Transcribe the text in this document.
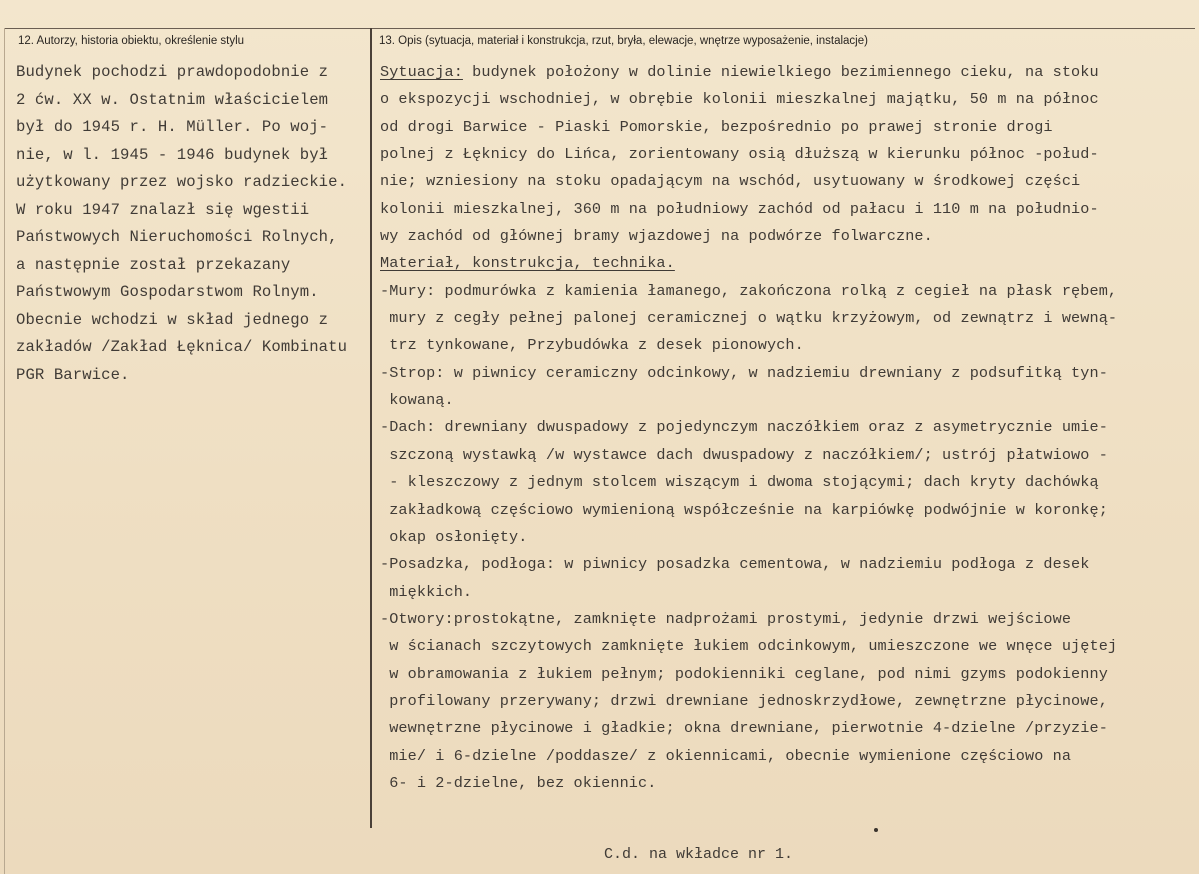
12. Autorzy, historia obiektu, określenie stylu	13. Opis (sytuacja, materiał i konstrukcja, rzut, bryła, elewacje, wnętrze wyposażenie, instalacje)
Budynek pochodzi prawdopodobnie z
2 ćw. XX w. Ostatnim właścicielem
był do 1945 r. H. Müller. Po woj-
nie, w l. 1945 - 1946 budynek był
użytkowany przez wojsko radzieckie.
W roku 1947 znalazł się wgestii
Państwowych Nieruchomości Rolnych,
a następnie został przekazany
Państwowym Gospodarstwom Rolnym.
Obecnie wchodzi w skład jednego z
zakładów /Zakład Łęknica/ Kombinatu
PGR Barwice.
Sytuacja: budynek położony w dolinie niewielkiego bezimiennego cieku, na stoku
o ekspozycji wschodniej, w obrębie kolonii mieszkalnej majątku, 50 m na północ
od drogi Barwice - Piaski Pomorskie, bezpośrednio po prawej stronie drogi
polnej z Łęknicy do Lińca, zorientowany osią dłuższą w kierunku północ -połud-
nie; wzniesiony na stoku opadającym na wschód, usytuowany w środkowej części
kolonii mieszkalnej, 360 m na południowy zachód od pałacu i 110 m na południo-
wy zachód od głównej bramy wjazdowej na podwórze folwarczne.
Materiał, konstrukcja, technika.
-Mury: podmurówka z kamienia łamanego, zakończona rolką z cegieł na płask rębem,
mury z cegły pełnej palonej ceramicznej o wątku krzyżowym, od zewnątrz i wewną-
trz tynkowane, Przybudówka z desek pionowych.
-Strop: w piwnicy ceramiczny odcinkowy, w nadziemiu drewniany z podsufitką tyn-
kowaną.
-Dach: drewniany dwuspadowy z pojedynczym naczółkiem oraz z asymetrycznie umie-
szczoną wystawką /w wystawce dach dwuspadowy z naczółkiem/; ustrój płatwiowo -
- kleszczowy z jednym stolcem wiszącym i dwoma stojącymi; dach kryty dachówką
zakładkową częściowo wymienioną współcześnie na karpiówkę podwójnie w koronkę;
okap osłonięty.
-Posadzka, podłoga: w piwnicy posadzka cementowa, w nadziemiu podłoga z desek
miękkich.
-Otwory:prostokątne, zamknięte nadprożami prostymi, jedynie drzwi wejściowe
w ścianach szczytowych zamknięte łukiem odcinkowym, umieszczone we wnęce ujętej
w obramowania z łukiem pełnym; podokienniki ceglane, pod nimi gzyms podokienny
profilowany przerywany; drzwi drewniane jednoskrzydłowe, zewnętrzne płycinowe,
wewnętrzne płycinowe i gładkie; okna drewniane, pierwotnie 4-dzielne /przyzie-
mie/ i 6-dzielne /poddasze/ z okiennicami, obecnie wymienione częściowo na
6- i 2-dzielne, bez okiennic.
C.d. na wkładce nr 1.
